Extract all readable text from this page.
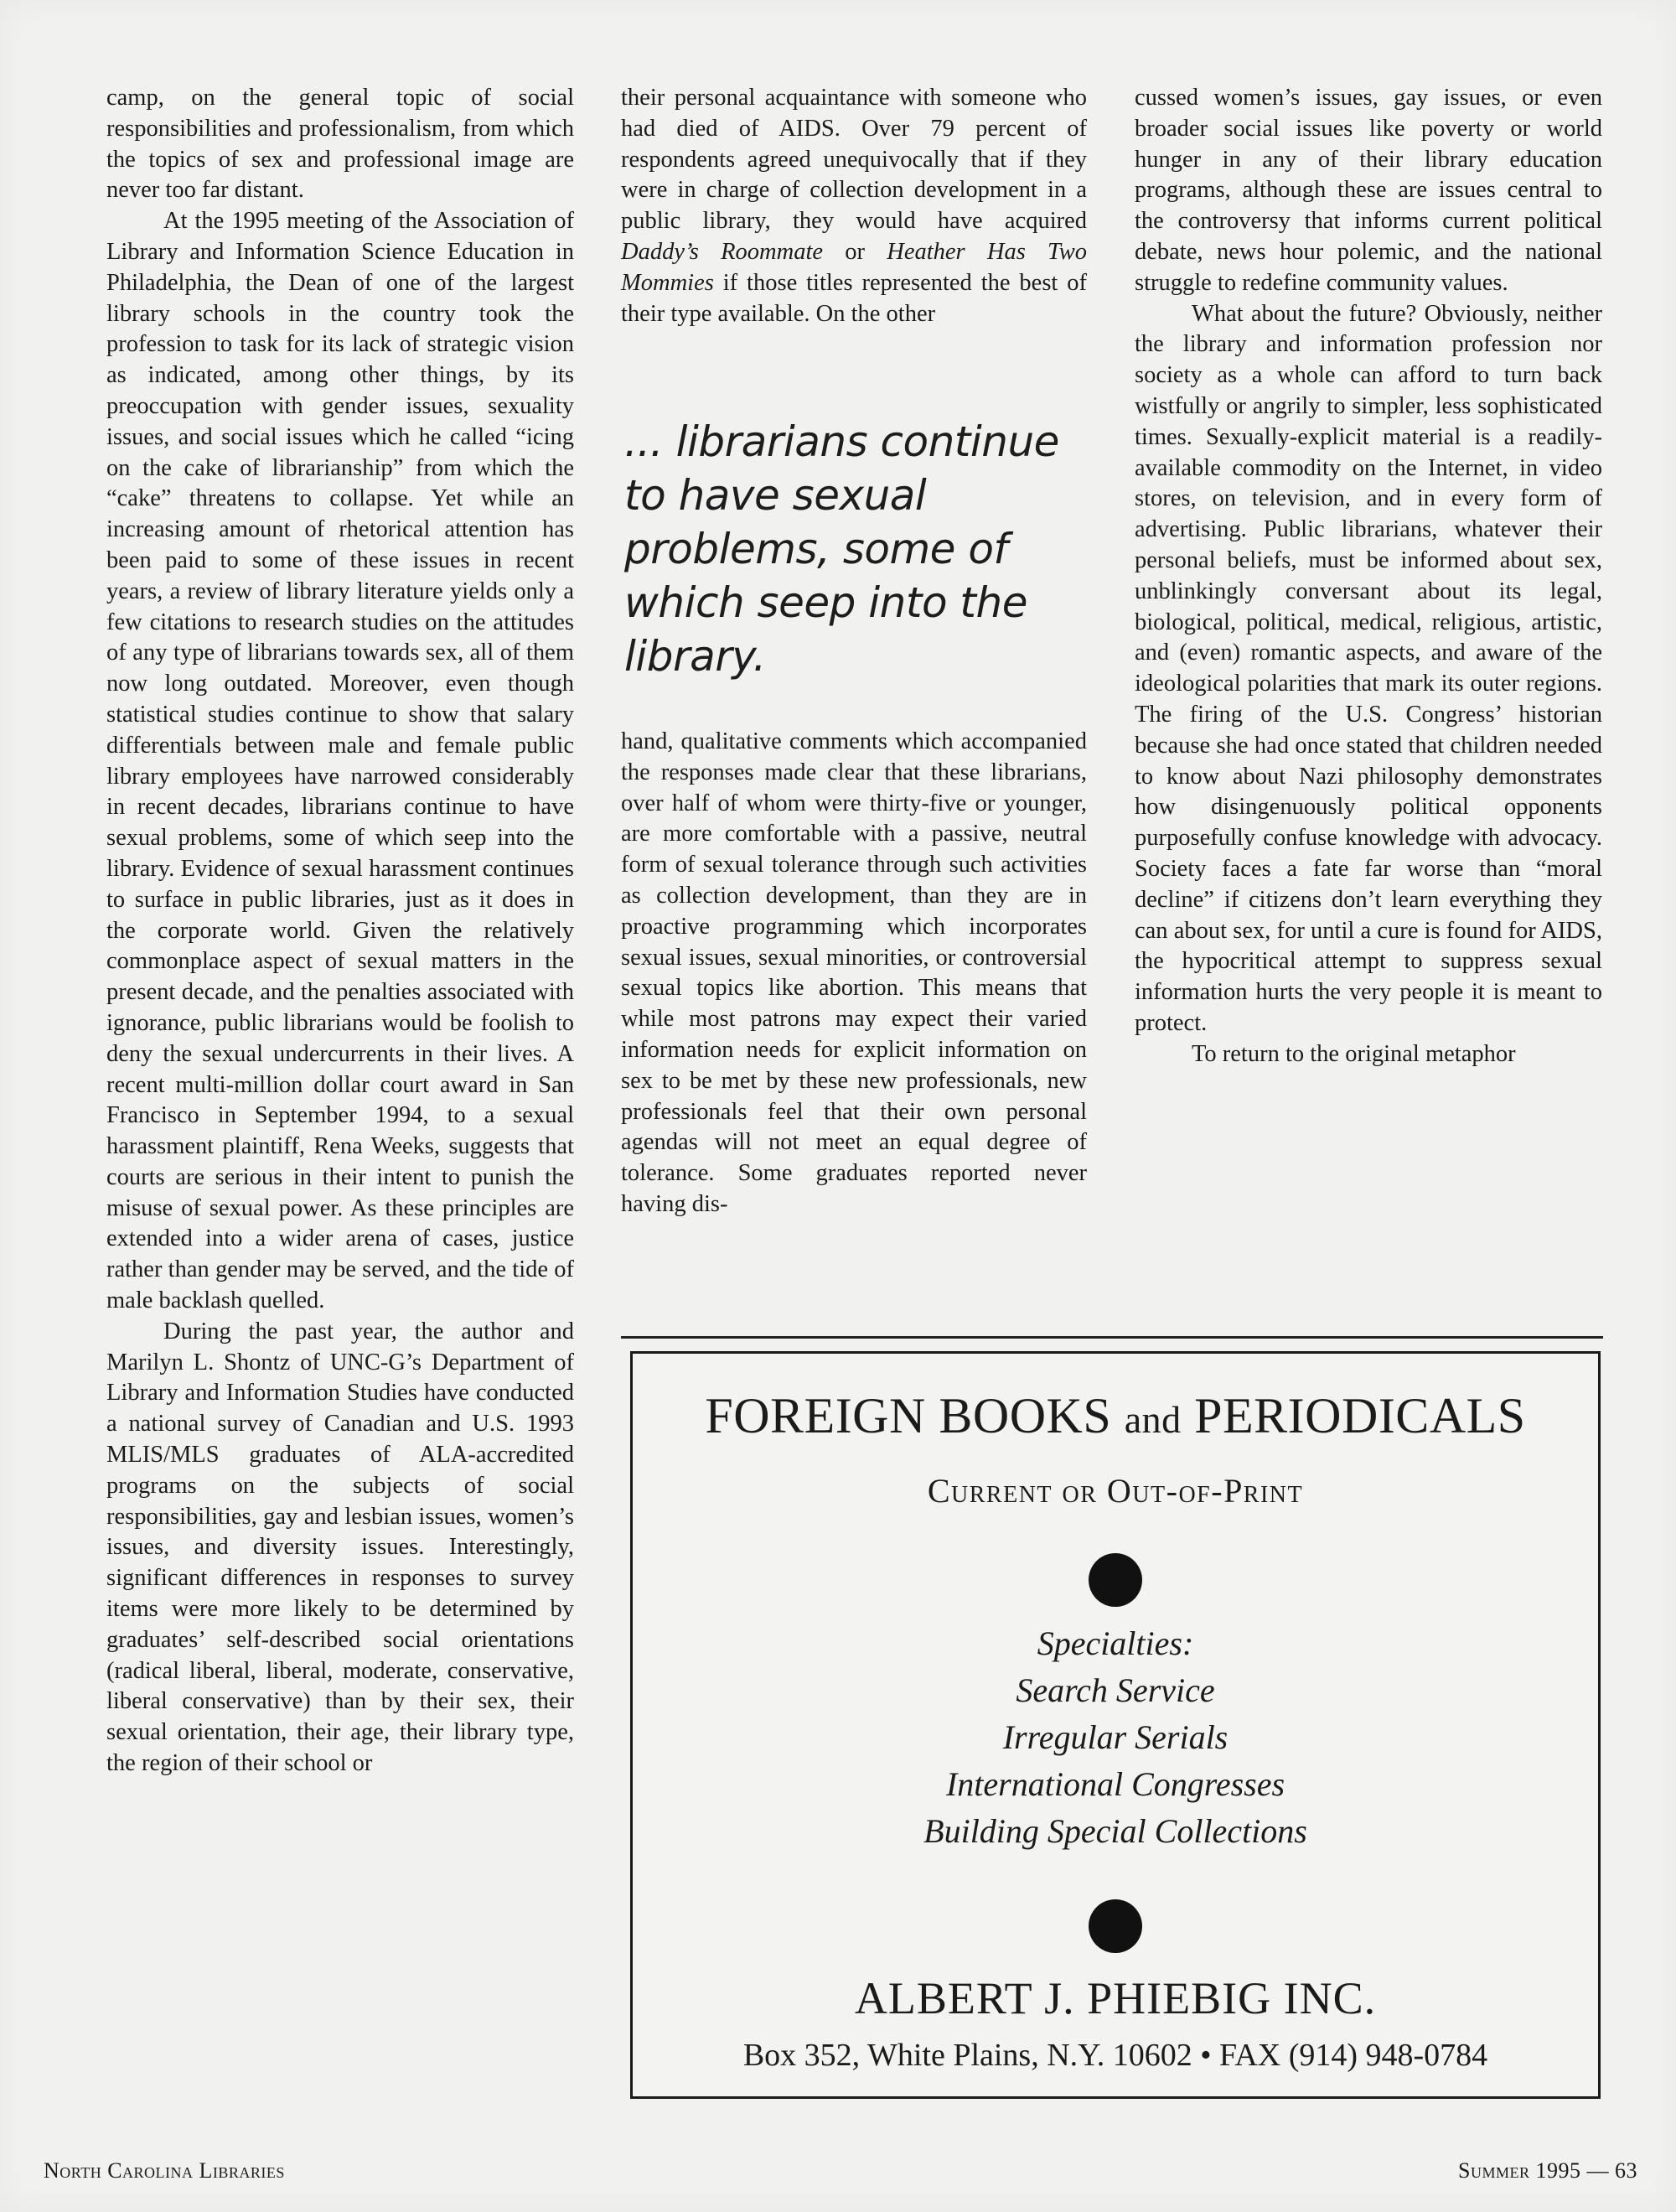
camp, on the general topic of social responsibilities and professionalism, from which the topics of sex and professional image are never too far distant.

At the 1995 meeting of the Association of Library and Information Science Education in Philadelphia, the Dean of one of the largest library schools in the country took the profession to task for its lack of strategic vision as indicated, among other things, by its preoccupation with gender issues, sexuality issues, and social issues which he called “icing on the cake of librarianship” from which the “cake” threatens to collapse. Yet while an increasing amount of rhetorical attention has been paid to some of these issues in recent years, a review of library literature yields only a few citations to research studies on the attitudes of any type of librarians towards sex, all of them now long outdated. Moreover, even though statistical studies continue to show that salary differentials between male and female public library employees have narrowed considerably in recent decades, librarians continue to have sexual problems, some of which seep into the library. Evidence of sexual harassment continues to surface in public libraries, just as it does in the corporate world. Given the relatively commonplace aspect of sexual matters in the present decade, and the penalties associated with ignorance, public librarians would be foolish to deny the sexual undercurrents in their lives. A recent multi-million dollar court award in San Francisco in September 1994, to a sexual harassment plaintiff, Rena Weeks, suggests that courts are serious in their intent to punish the misuse of sexual power. As these principles are extended into a wider arena of cases, justice rather than gender may be served, and the tide of male backlash quelled.

During the past year, the author and Marilyn L. Shontz of UNC-G’s Department of Library and Information Studies have conducted a national survey of Canadian and U.S. 1993 MLIS/MLS graduates of ALA-accredited programs on the subjects of social responsibilities, gay and lesbian issues, women’s issues, and diversity issues. Interestingly, significant differences in responses to survey items were more likely to be determined by graduates’ self-described social orientations (radical liberal, liberal, moderate, conservative, liberal conservative) than by their sex, their sexual orientation, their age, their library type, the region of their school or

their personal acquaintance with someone who had died of AIDS. Over 79 percent of respondents agreed unequivocally that if they were in charge of collection development in a public library, they would have acquired Daddy’s Roommate or Heather Has Two Mommies if those titles represented the best of their type available. On the other

... librarians continue to have sexual problems, some of which seep into the library.

hand, qualitative comments which accompanied the responses made clear that these librarians, over half of whom were thirty-five or younger, are more comfortable with a passive, neutral form of sexual tolerance through such activities as collection development, than they are in proactive programming which incorporates sexual issues, sexual minorities, or controversial sexual topics like abortion. This means that while most patrons may expect their varied information needs for explicit information on sex to be met by these new professionals, new professionals feel that their own personal agendas will not meet an equal degree of tolerance. Some graduates reported never having dis-

cussed women’s issues, gay issues, or even broader social issues like poverty or world hunger in any of their library education programs, although these are issues central to the controversy that informs current political debate, news hour polemic, and the national struggle to redefine community values.

What about the future? Obviously, neither the library and information profession nor society as a whole can afford to turn back wistfully or angrily to simpler, less sophisticated times. Sexually-explicit material is a readily-available commodity on the Internet, in video stores, on television, and in every form of advertising. Public librarians, whatever their personal beliefs, must be informed about sex, unblinkingly conversant about its legal, biological, political, medical, religious, artistic, and (even) romantic aspects, and aware of the ideological polarities that mark its outer regions. The firing of the U.S. Congress’ historian because she had once stated that children needed to know about Nazi philosophy demonstrates how disingenuously political opponents purposefully confuse knowledge with advocacy. Society faces a fate far worse than “moral decline” if citizens don’t learn everything they can about sex, for until a cure is found for AIDS, the hypocritical attempt to suppress sexual information hurts the very people it is meant to protect.

To return to the original metaphor

FOREIGN BOOKS and PERIODICALS
Current or Out-of-Print
Specialties:
Search Service
Irregular Serials
International Congresses
Building Special Collections
ALBERT J. PHIEBIG INC.
Box 352, White Plains, N.Y. 10602 • FAX (914) 948-0784
North Carolina Libraries	Summer 1995 — 63
